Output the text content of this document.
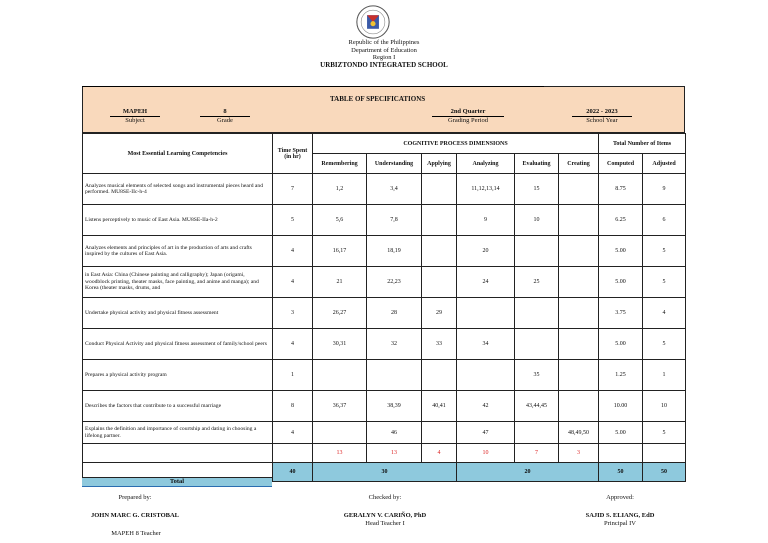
Republic of the Philippines
Department of Education
Region I
URBIZTONDO INTEGRATED SCHOOL
TABLE OF SPECIFICATIONS
MAPEH
Subject
8
Grade
2nd Quarter
Grading Period
2022 - 2023
School Year
Most Essential Learning Competencies	Time Spent (in hr)	COGNITIVE PROCESS DIMENSIONS						Total Number of Items	
		Remembering	Understanding	Applying	Analyzing	Evaluating	Creating	Computed	Adjusted
Analyzes musical elements of selected songs and instrumental pieces heard and performed. MU8SE-IIc-h-4	7	1,2	3,4		11,12,13,14	15		8.75	9
Listens perceptively to music of East Asia. MU8SE-IIa-h-2	5	5,6	7,8		9	10		6.25	6
Analyzes elements and principles of art in the production of arts and crafts inspired by the cultures of East Asia.	4	16,17	18,19		20			5.00	5
in East Asia: China (Chinese painting and calligraphy); Japan (origami, woodblock printing, theater masks, face painting, and anime and manga); and Korea (theater masks, drums, and	4	21	22,23		24	25		5.00	5
Undertake physical activity and physical fitness assessment	3	26,27	28	29				3.75	4
Conduct Physical Activity and physical fitness assessment of family/school peers	4	30,31	32	33	34			5.00	5
Prepares a physical activity program	1					35		1.25	1
Describes the factors that contribute to a successful marriage	8	36,37	38,39	40,41	42	43,44,45		10.00	10
Explains the definition and importance of courtship and dating in choosing a lifelong partner.	4		46		47		48,49,50	5.00	5
		13	13	4	10	7	3		
	40	30			20			50	50
Total
Prepared by:
JOHN MARC G. CRISTOBAL
MAPEH 8 Teacher
Checked by:
GERALYN V. CARIÑO, PhD
Head Teacher I
Approved:
SAJID S. ELIANG, EdD
Principal IV
